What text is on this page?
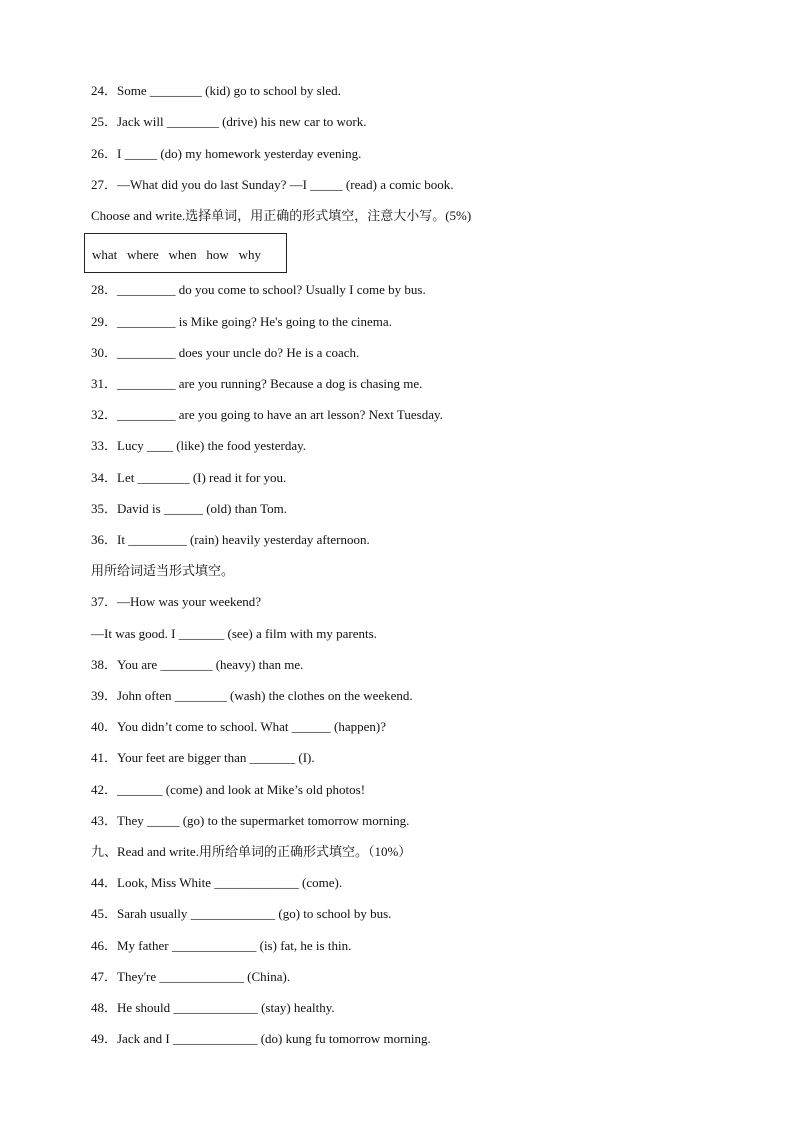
24．Some ________ (kid) go to school by sled.
25．Jack will ________ (drive) his new car to work.
26．I _____ (do) my homework yesterday evening.
27．—What did you do last Sunday? —I _____ (read) a comic book.
Choose and write.选择单词，用正确的形式填空，注意大小写。(5%)
what   where   when   how   why
28．_________ do you come to school? Usually I come by bus.
29．_________ is Mike going? He's going to the cinema.
30．_________ does your uncle do? He is a coach.
31．_________ are you running? Because a dog is chasing me.
32．_________ are you going to have an art lesson? Next Tuesday.
33．Lucy ____ (like) the food yesterday.
34．Let ________ (I) read it for you.
35．David is ______ (old) than Tom.
36．It _________ (rain) heavily yesterday afternoon.
用所给词适当形式填空。
37．—How was your weekend?
—It was good. I _______ (see) a film with my parents.
38．You are ________ (heavy) than me.
39．John often ________ (wash) the clothes on the weekend.
40．You didn’t come to school. What ______ (happen)?
41．Your feet are bigger than _______ (I).
42．_______ (come) and look at Mike’s old photos!
43．They _____ (go) to the supermarket tomorrow morning.
九、Read and write.用所给单词的正确形式填空。（10%）
44．Look, Miss White _____________ (come).
45．Sarah usually _____________ (go) to school by bus.
46．My father _____________ (is) fat, he is thin.
47．They're _____________ (China).
48．He should _____________ (stay) healthy.
49．Jack and I _____________ (do) kung fu tomorrow morning.
